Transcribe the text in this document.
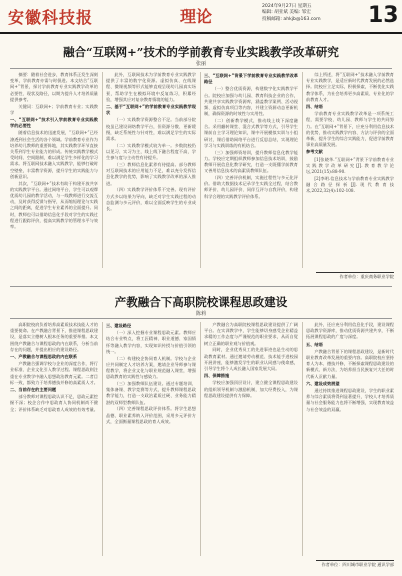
安徽科技报	理论
2024年9月27日 星期五
编辑: 胡亚斌 美编: 邹宏
投稿邮箱: ahkjb@163.com	13
融合“互联网+”技术的学前教育专业实践教学改革研究
张丽

摘要：随着社会进步，教育体系正发生深刻变革，学前教育亦需与时俱进。本文结合“互联网+”背景，探讨学前教育专业实践教学改革的必要性、现状及路径，以期为提升人才培养质量提供参考。

关键词：互联网+；学前教育专业；实践教学

一、“互联网+”技术引入学前教育专业实践教学的必要性

随着信息技术的迅速发展，“互联网+”已经渗透到社会生活的各个领域。学前教育专业作为培养幼儿教师的重要阵地，其实践教学环节直接关系到学生专业能力的形成。传统实践教学模式受时间、空间限制，难以满足学生多样化的学习需求。将互联网技术融入实践教学，能够打破时空壁垒，丰富教学资源，提升学生的实践能力与创新意识。

其次，“互联网+”技术有助于构建开放共享的实践教学平台。通过网络平台，学生可以观摩优质幼儿园的教学活动，与一线教师进行交流互动，及时获得反馈与指导，从而缩短理论与实践之间的距离，促进学生专业素养的全面提升。同时，教师也可以借助信息化手段对学生的实践过程进行跟踪评价，提高实践教学的管理水平与效率。

此外，互联网技术为学前教育专业实践教学提供了丰富的数字化资源。虚拟仿真、在线课程、微课视频等形式能够直观呈现幼儿园真实场景，帮助学生在模拟环境中反复练习，积累经验，增强其应对复杂教育情境的能力。

二、基于“互联网+”的学前教育专业实践教学现状

（一）实践教学资源整合不足。当前部分院校虽已建设网络教学平台，但资源分散、更新缓慢，缺乏系统性与针对性，难以满足学生的实际需求。

（二）实践教学模式较为单一。多数院校仍以见习、实习为主，线上线下融合程度不高，学生参与度与主动性有待提升。

（三）教师信息化素养有待提高。部分教师对互联网技术的应用能力不足，难以充分发挥信息化教学的优势，影响了实践教学改革的深入推进。

（四）实践教学评价体系不完善。现有评价方式多以结果为导向，缺乏对学生实践过程的动态监测与多元评价，难以全面反映学生的专业成长。

三、“互联网+”背景下学前教育专业实践教学改革路径

（一）整合优质资源，构建数字化实践教学平台。院校应加强与幼儿园、教育科技企业的合作，共建共享实践教学资源库，涵盖教学案例、活动视频、虚拟仿真项目等内容，并建立资源动态更新机制，确保资源的时效性与实用性。

（二）创新教学模式，推动线上线下深度融合。采用翻转课堂、混合式教学等方式，引导学生课前自主学习理论知识，课中开展模拟实训与小组研讨，课后借助网络平台进行反思总结，实现理论学习与实践训练的有机结合。

（三）加强师资培训，提升教师信息化教学能力。学校应定期组织教师参加信息技术培训，鼓励教师开展信息化教学研究，打造一支既懂学前教育又善用信息技术的高素质教师队伍。

（四）完善评价机制，实施过程性与多元化评价。借助大数据技术记录学生实践全过程，结合教师评价、幼儿园评价、同伴互评与自我评价，构建科学合理的实践教学评价体系。

综上所述，将“互联网+”技术融入学前教育专业实践教学，是适应新时代教育发展的必然选择。院校应立足实际，积极探索，不断优化实践教学体系，为社会培养更多高素质、专业化的学前教育人才。

四、结语

学前教育专业实践教学改革是一项系统工程，需要学校、幼儿园、教师与学生的共同努力。在“互联网+”背景下，应充分利用信息技术的优势，推动实践教学内容、方法与评价的全面革新，提升学生的综合实践能力，促进学前教育事业高质量发展。

参考文献

[1]张晓华.“互联网+”背景下学前教育专业实践教学改革研究[J].教育教学论坛,2021(15):88-90.

[2]李明.信息技术与学前教育专业实践教学融合路径探析[J].现代教育技术,2022,32(4):102-108.

作者单位：重庆商务职业学院
产教融合下高职院校课程思政建设
陈莉

高职院校肩负着培养高素质技术技能人才的重要使命。在产教融合背景下，推进课程思政建设，是落实立德树人根本任务的重要举措。本文围绕产教融合与课程思政的内在联系，分析当前存在的问题，并提出相应的建设路径。

一、产教融合与课程思政的内在联系

产教融合强调学校与企业的深度合作，将行业标准、企业文化引入教学过程。课程思政则注重在专业教学中融入思想政治教育元素。二者目标一致，都致力于培养德技并修的高素质人才。

二、当前存在的主要问题

部分教师对课程思政认识不足，思政元素挖掘不深；校企合作中思政育人协同机制尚不健全；评价体系缺乏对思政育人成效的有效考量。

三、建设路径

（一）深入挖掘专业课程思政元素。教师应结合专业特点，将工匠精神、职业道德、家国情怀等融入教学内容，实现知识传授与价值引领的统一。

（二）构建校企协同育人机制。学校与企业应共同制定人才培养方案，邀请企业导师参与课程教学，将企业文化与职业规范融入课堂，增强思政教育的实践性与感染力。

（三）加强教师队伍建设。通过专题培训、集体备课、教学竞赛等方式，提升教师课程思政教学能力，打造一支政治素质过硬、业务能力精湛的双师型教师队伍。

（四）完善课程思政评价体系。将学生思想品德、职业素养纳入评价范围，采用多元评价方式，全面衡量课程思政的育人成效。

产教融合为高职院校课程思政建设提供了广阔平台。在实训教学中，学生能够切身感受企业精益求精的工作态度与严谨规范的职业要求，从而自觉树立正确的职业观与价值观。

同时，企业优秀员工的先进事迹也是生动的思政教育素材。通过邀请劳动模范、技术能手进校园开展讲座，能够激发学生的职业认同感与使命感，引导学生将个人成长融入国家发展大局。

四、保障措施

学校应加强顶层设计，建立健全课程思政建设的组织领导机制与激励机制，加大经费投入，为课程思政建设提供有力保障。

此外，还应充分利用信息化手段，建设课程思政教学资源库，推动优质资源共建共享，不断拓展课程思政的广度与深度。

五、结语

产教融合背景下的课程思政建设，是新时代职业教育改革发展的重要内容。高职院校应坚持育人为本、德技并修，不断探索课程思政建设的新模式、新方法，为培养担当民族复兴大任的时代新人贡献力量。

六、建设成效展望

通过持续推进课程思政建设，学生的职业素养与综合素质将得到显著提升，学校人才培养质量与社会服务能力也将不断增强，实现教育效益与社会效益的双赢。

作者单位：四川城市职业学院 通识学部
